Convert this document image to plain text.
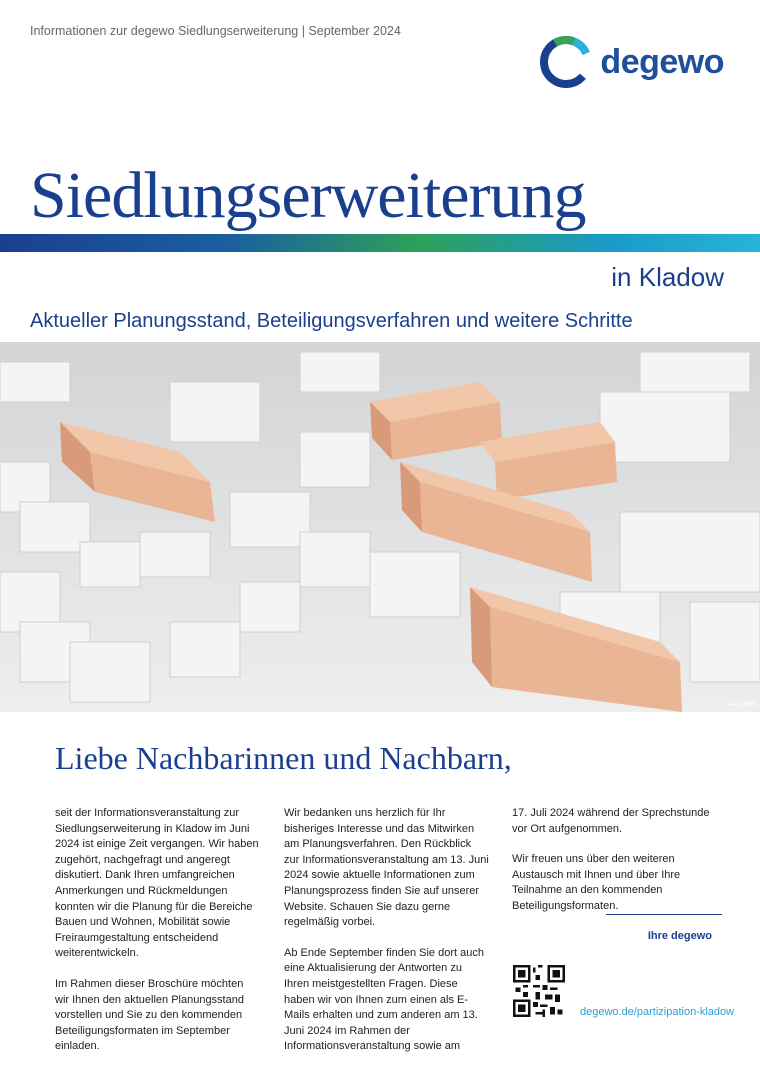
Informationen zur degewo Siedlungserweiterung | September 2024
degewo
Siedlungserweiterung
in Kladow
Aktueller Planungsstand, Beteiligungsverfahren und weitere Schritte
©ALOMS
Liebe Nachbarinnen und Nachbarn,

seit der Informationsveranstaltung zur Siedlungserweiterung in Kladow im Juni 2024 ist einige Zeit vergangen. Wir haben zugehört, nachgefragt und angeregt diskutiert. Dank Ihren umfangreichen Anmerkungen und Rückmeldungen konnten wir die Planung für die Bereiche Bauen und Wohnen, Mobilität sowie Freiraumgestaltung entscheidend weiterentwickeln.

Im Rahmen dieser Broschüre möchten wir Ihnen den aktuellen Planungsstand vorstellen und Sie zu den kommenden Beteiligungsformaten im September einladen.

Wir bedanken uns herzlich für Ihr bisheriges Interesse und das Mitwirken am Planungsverfahren. Den Rückblick zur Informationsveranstaltung am 13. Juni 2024 sowie aktuelle Informationen zum Planungsprozess finden Sie auf unserer Website. Schauen Sie dazu gerne regelmäßig vorbei.

Ab Ende September finden Sie dort auch eine Aktualisierung der Antworten zu Ihren meistgestellten Fragen. Diese haben wir von Ihnen zum einen als E-Mails erhalten und zum anderen am 13. Juni 2024 im Rahmen der Informationsveranstaltung sowie am

17. Juli 2024 während der Sprechstunde vor Ort aufgenommen.

Wir freuen uns über den weiteren Austausch mit Ihnen und über Ihre Teilnahme an den kommenden Beteiligungsformaten.

Ihre degewo
degewo.de/partizipation-kladow
